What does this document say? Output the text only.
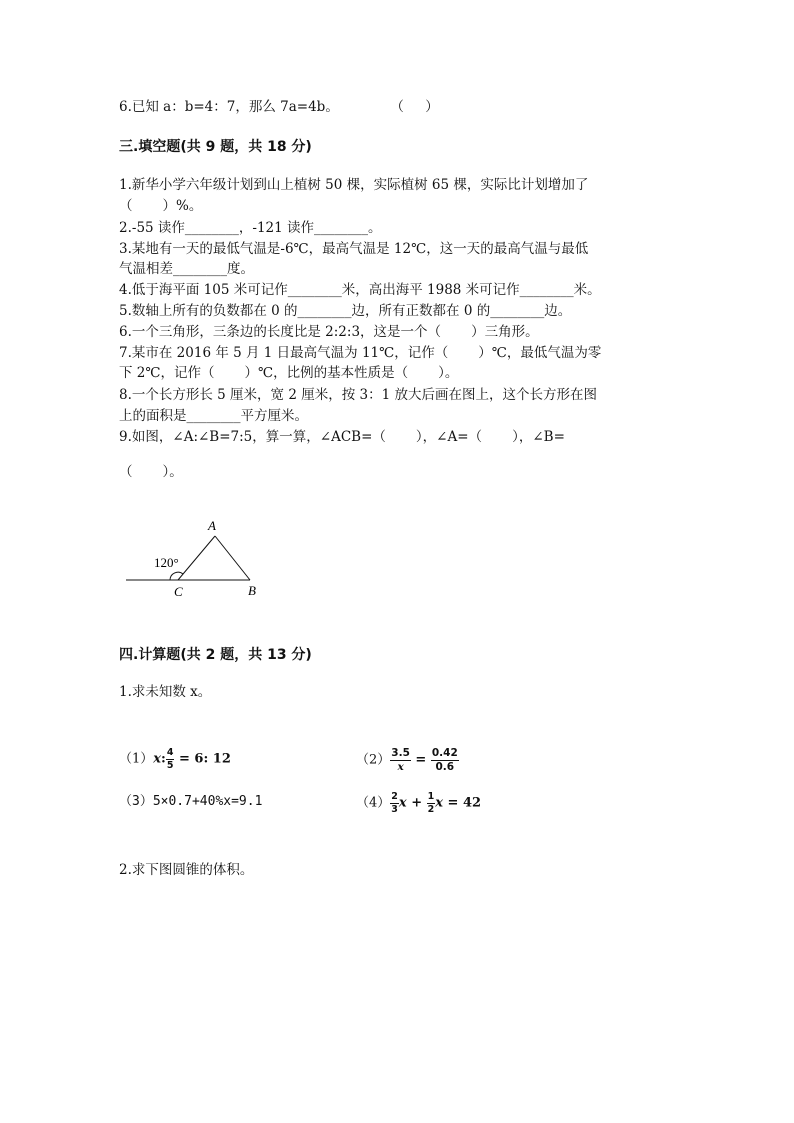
6.已知 a：b=4：7，那么 7a=4b。            （     ）
三.填空题(共 9 题，共 18 分)
1.新华小学六年级计划到山上植树 50 棵，实际植树 65 棵，实际比计划增加了
（       ）%。
2.-55 读作________，-121 读作________。
3.某地有一天的最低气温是-6℃，最高气温是 12℃，这一天的最高气温与最低
气温相差________度。
4.低于海平面 105 米可记作________米，高出海平 1988 米可记作________米。
5.数轴上所有的负数都在 0 的________边，所有正数都在 0 的________边。
6.一个三角形，三条边的长度比是 2:2:3，这是一个（       ）三角形。
7.某市在 2016 年 5 月 1 日最高气温为 11℃，记作（       ）℃，最低气温为零
下 2℃，记作（       ）℃，比例的基本性质是（       ）。
8.一个长方形长 5 厘米，宽 2 厘米，按 3：1 放大后画在图上，这个长方形在图
上的面积是________平方厘米。
9.如图，∠A:∠B=7:5，算一算，∠ACB=（       ），∠A=（       ），∠B=
（       ）。
120°
A
B
C
四.计算题(共 2 题，共 13 分)
1.求未知数 x。
（1）x: $\frac{4}{5} = 6$: 12	$(2) \frac{3.5}{x} = \frac{0.42}{0.6}$
（3）5×0.7+40%x=9.1	$(4) \frac{2}{3}$ $x + \frac{1}{2}$ x = 42
2.求下图圆锥的体积。
